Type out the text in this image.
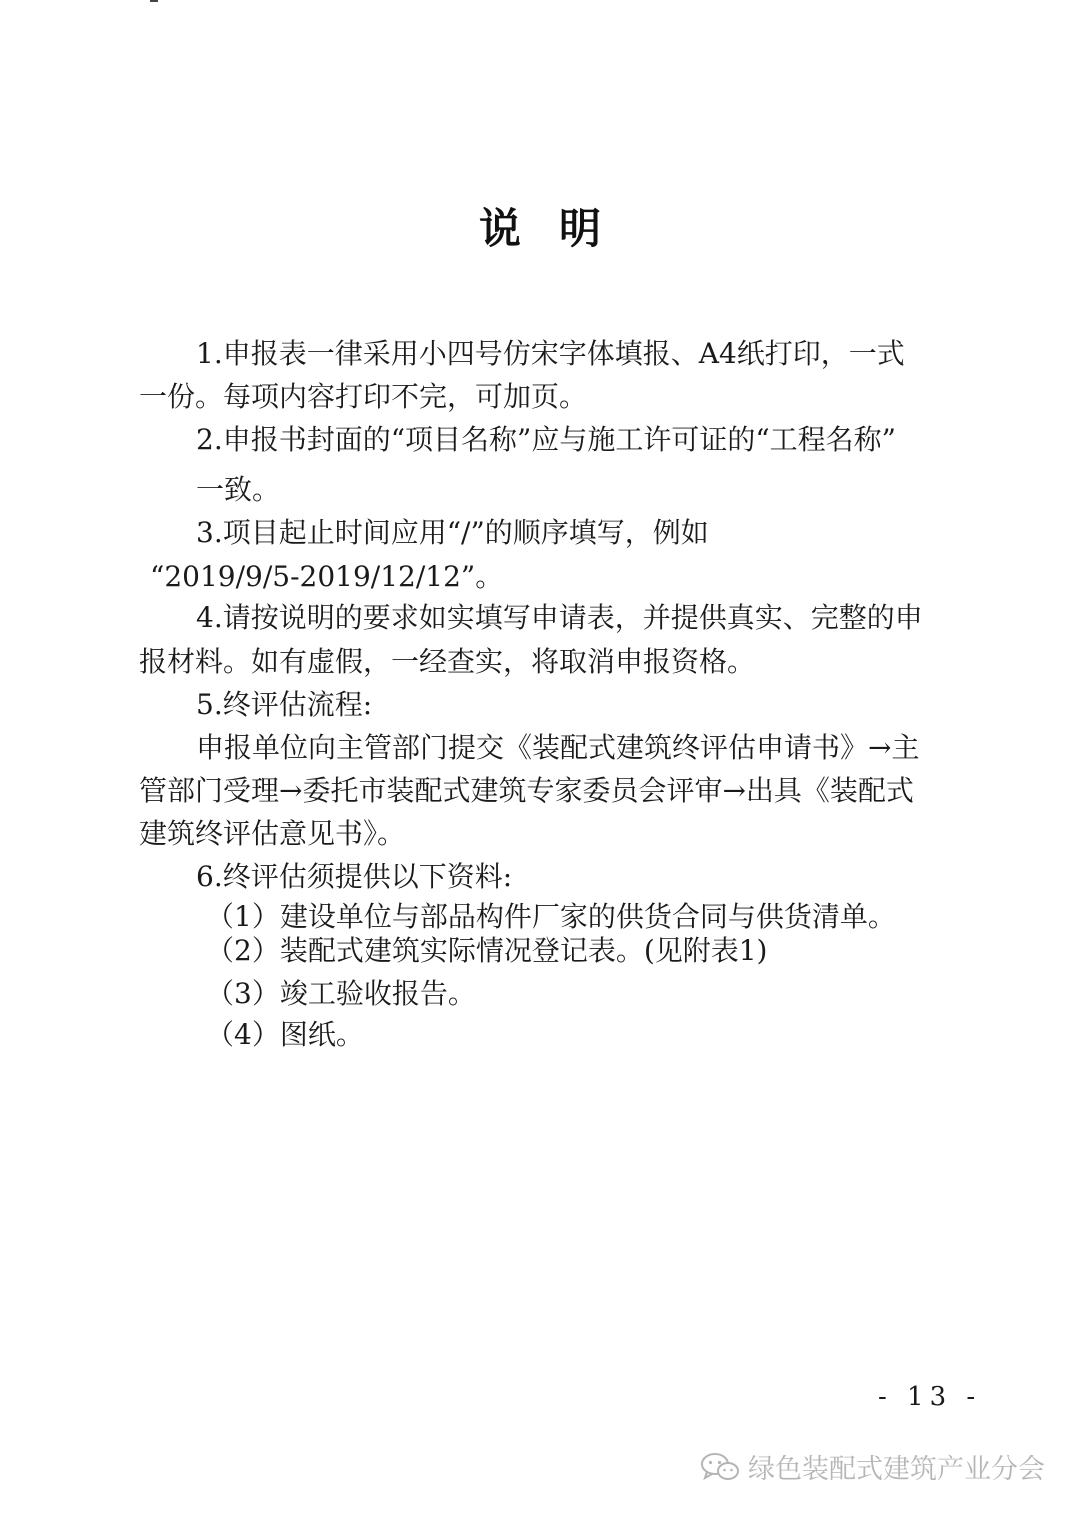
说明
1.申报表一律采用小四号仿宋字体填报、A4纸打印，一式
一份。每项内容打印不完，可加页。
2.申报书封面的“项目名称”应与施工许可证的“工程名称”
一致。
3.项目起止时间应用“/”的顺序填写，例如
“2019/9/5-2019/12/12”。
4.请按说明的要求如实填写申请表，并提供真实、完整的申
报材料。如有虚假，一经查实，将取消申报资格。
5.终评估流程:
申报单位向主管部门提交《装配式建筑终评估申请书》→主
管部门受理→委托市装配式建筑专家委员会评审→出具《装配式
建筑终评估意见书》。
6.终评估须提供以下资料:
（1）建设单位与部品构件厂家的供货合同与供货清单。
（2）装配式建筑实际情况登记表。(见附表1)
（3）竣工验收报告。
（4）图纸。
- 13 -
绿色装配式建筑产业分会
